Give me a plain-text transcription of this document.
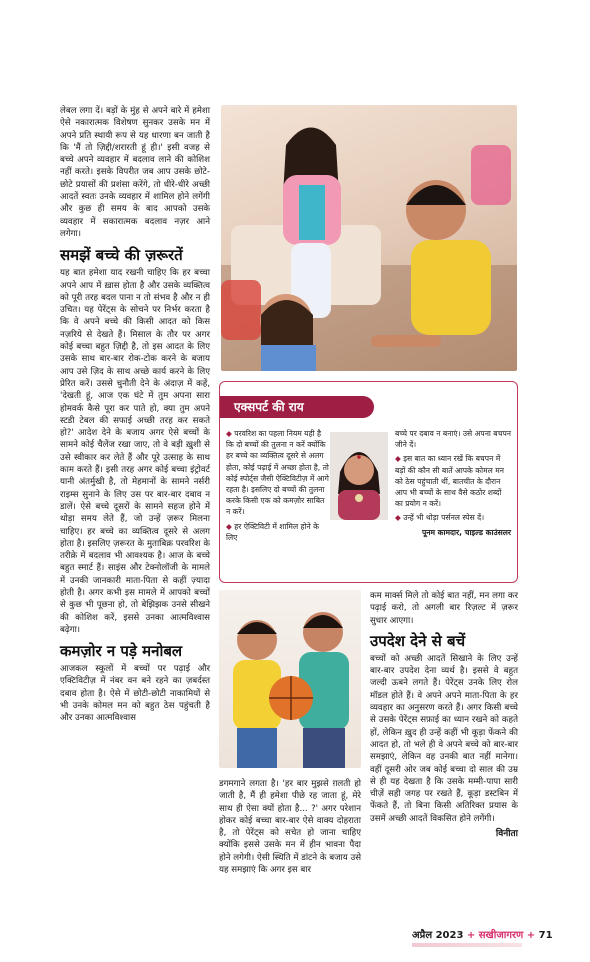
लेबल लगा दें। बड़ों के मुंह से अपने बारे में हमेशा ऐसे नकारात्मक विशेषण सुनकर उसके मन में अपने प्रति स्थायी रूप से यह धारणा बन जाती है कि 'मैं तो ज़िद्दी/शरारती हूं ही।' इसी वजह से बच्चे अपने व्यवहार में बदलाव लाने की कोशिश नहीं करते। इसके विपरीत जब आप उसके छोटे-छोटे प्रयासों की प्रशंसा करेंगे, तो धीरे-धीरे अच्छी आदतें स्वतः उनके व्यवहार में शामिल होने लगेंगी और कुछ ही समय के बाद आपको उसके व्यवहार में सकारात्मक बदलाव नज़र आने लगेगा।

समझें बच्चे की ज़रूरतें

यह बात हमेशा याद रखनी चाहिए कि हर बच्चा अपने आप में ख़ास होता है और उसके व्यक्तित्व को पूरी तरह बदल पाना न तो संभव है और न ही उचित। यह पेरेंट्स के सोचने पर निर्भर करता है कि वे अपने बच्चे की किसी आदत को किस नज़रिये से देखते हैं। मिसाल के तौर पर अगर कोई बच्चा बहुत ज़िद्दी है, तो इस आदत के लिए उसके साथ बार-बार रोक-टोक करने के बजाय आप उसे ज़िद के साथ अच्छे कार्य करने के लिए प्रेरित करें। उससे चुनौती देने के अंदाज़ में कहें, 'देखती हूं, आज एक घंटे में तुम अपना सारा होमवर्क कैसे पूरा कर पाते हो, क्या तुम अपने स्टडी टेबल की सफाई अच्छी तरह कर सकते हो?' आदेश देने के बजाय अगर ऐसे बच्चों के सामने कोई चैलेंज रखा जाए, तो वे बड़ी ख़ुशी से उसे स्वीकार कर लेते हैं और पूरे उत्साह के साथ काम करते हैं। इसी तरह अगर कोई बच्चा इंट्रोवर्ट यानी अंतर्मुखी है, तो मेहमानों के सामने नर्सरी राइम्स सुनाने के लिए उस पर बार-बार दबाव न डालें। ऐसे बच्चे दूसरों के सामने सहज होने में थोड़ा समय लेते हैं, जो उन्हें ज़रूर मिलना चाहिए। हर बच्चे का व्यक्तित्व दूसरे से अलग होता है। इसलिए ज़रूरत के मुताबिक़ परवरिश के तरीक़े में बदलाव भी आवश्यक है। आज के बच्चे बहुत स्मार्ट हैं। साइंस और टेक्नोलॉजी के मामले में उनकी जानकारी माता-पिता से कहीं ज़्यादा होती है। अगर कभी इस मामले में आपको बच्चों से कुछ भी पूछना हो, तो बेझिझक उनसे सीखने की कोशिश करें, इससे उनका आत्मविश्वास बढ़ेगा।

कमज़ोर न पड़े मनोबल

आजकल स्कूलों में बच्चों पर पढ़ाई और एक्टिविटीज़ में नंबर वन बने रहने का ज़बर्दस्त दबाव होता है। ऐसे में छोटी-छोटी नाकामियों से भी उनके कोमल मन को बहुत ठेस पहुंचती है और उनका आत्मविश्वास

एक्सपर्ट की राय

◆ परवरिश का पहला नियम यही है कि दो बच्चों की तुलना न करें क्योंकि हर बच्चे का व्यक्तित्व दूसरे से अलग होता, कोई पढ़ाई में अच्छा होता है, तो कोई स्पोर्ट्स जैसी ऐक्टिविटीज़ में आगे रहता है। इसलिए दो बच्चों की तुलना करके किसी एक को कमज़ोर साबित न करें।

◆ हर ऐक्टिविटी में शामिल होने के लिए

बच्चे पर दबाव न बनाएं। उसे अपना बचपन जीने दें।

◆ इस बात का ध्यान रखें कि बचपन में बड़ों की कौन सी बातें आपके कोमल मन को ठेस पहुंचाती थीं, बातचीत के दौरान आप भी बच्चों के साथ वैसे कठोर शब्दों का प्रयोग न करें।

◆ उन्हें भी थोड़ा पर्सनल स्पेस दें।

पूनम कामदार, चाइल्ड काउंसलर

डगमगाने लगता है। 'हर बार मुझसे ग़लती हो जाती है, मैं ही हमेशा पीछे रह जाता हूं, मेरे साथ ही ऐसा क्यों होता है... ?' अगर परेशान होकर कोई बच्चा बार-बार ऐसे वाक्य दोहराता है, तो पेरेंट्स को सचेत हो जाना चाहिए क्योंकि इससे उसके मन में हीन भावना पैदा होने लगेगी। ऐसी स्थिति में डांटने के बजाय उसे यह समझाएं कि अगर इस बार

कम मार्क्स मिले तो कोई बात नहीं, मन लगा कर पढ़ाई करो, तो अगली बार रिज़ल्ट में ज़रूर सुधार आएगा।

उपदेश देने से बचें

बच्चों को अच्छी आदतें सिखाने के लिए उन्हें बार-बार उपदेश देना व्यर्थ है। इससे वे बहुत जल्दी ऊबने लगते हैं। पेरेंट्स उनके लिए रोल मॉडल होते हैं। वे अपने अपने माता-पिता के हर व्यवहार का अनुसरण करते हैं। अगर किसी बच्चे से उसके पेरेंट्स सफ़ाई का ध्यान रखने को कहते हों, लेकिन ख़ुद ही उन्हें कहीं भी कूड़ा फेंकने की आदत हो, तो भले ही वे अपने बच्चे को बार-बार समझाएं, लेकिन वह उनकी बात नहीं मानेगा। वहीं दूसरी ओर जब कोई बच्चा दो साल की उम्र से ही यह देखता है कि उसके मम्मी-पापा सारी चीज़ें सही जगह पर रखते हैं, कूड़ा डस्टबिन में फेंकते हैं, तो बिना किसी अतिरिक्त प्रयास के उसमें अच्छी आदतें विकसित होने लगेंगी।

विनीता

अप्रैल 2023 + सखीजागरण + 71
